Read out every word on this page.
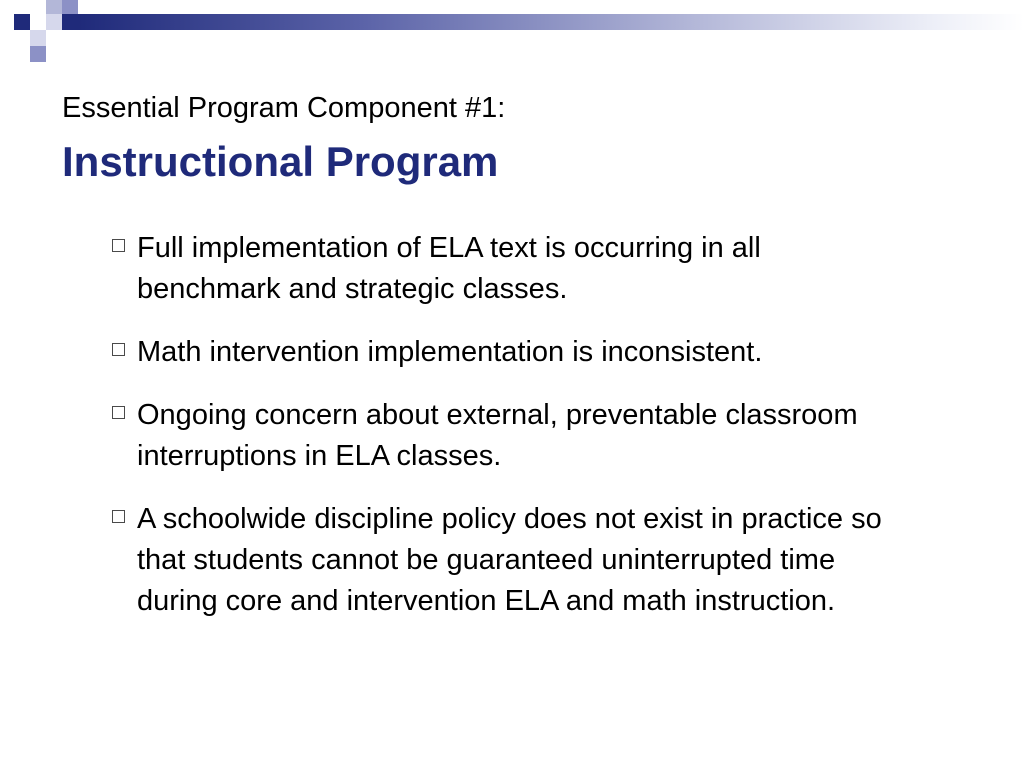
Essential Program Component #1:
Instructional Program
Full implementation of ELA text is occurring in all benchmark and strategic classes.
Math intervention implementation is inconsistent.
Ongoing concern about external, preventable classroom interruptions in ELA classes.
A schoolwide discipline policy does not exist in practice so that students cannot be guaranteed uninterrupted time during core and intervention ELA and math instruction.
